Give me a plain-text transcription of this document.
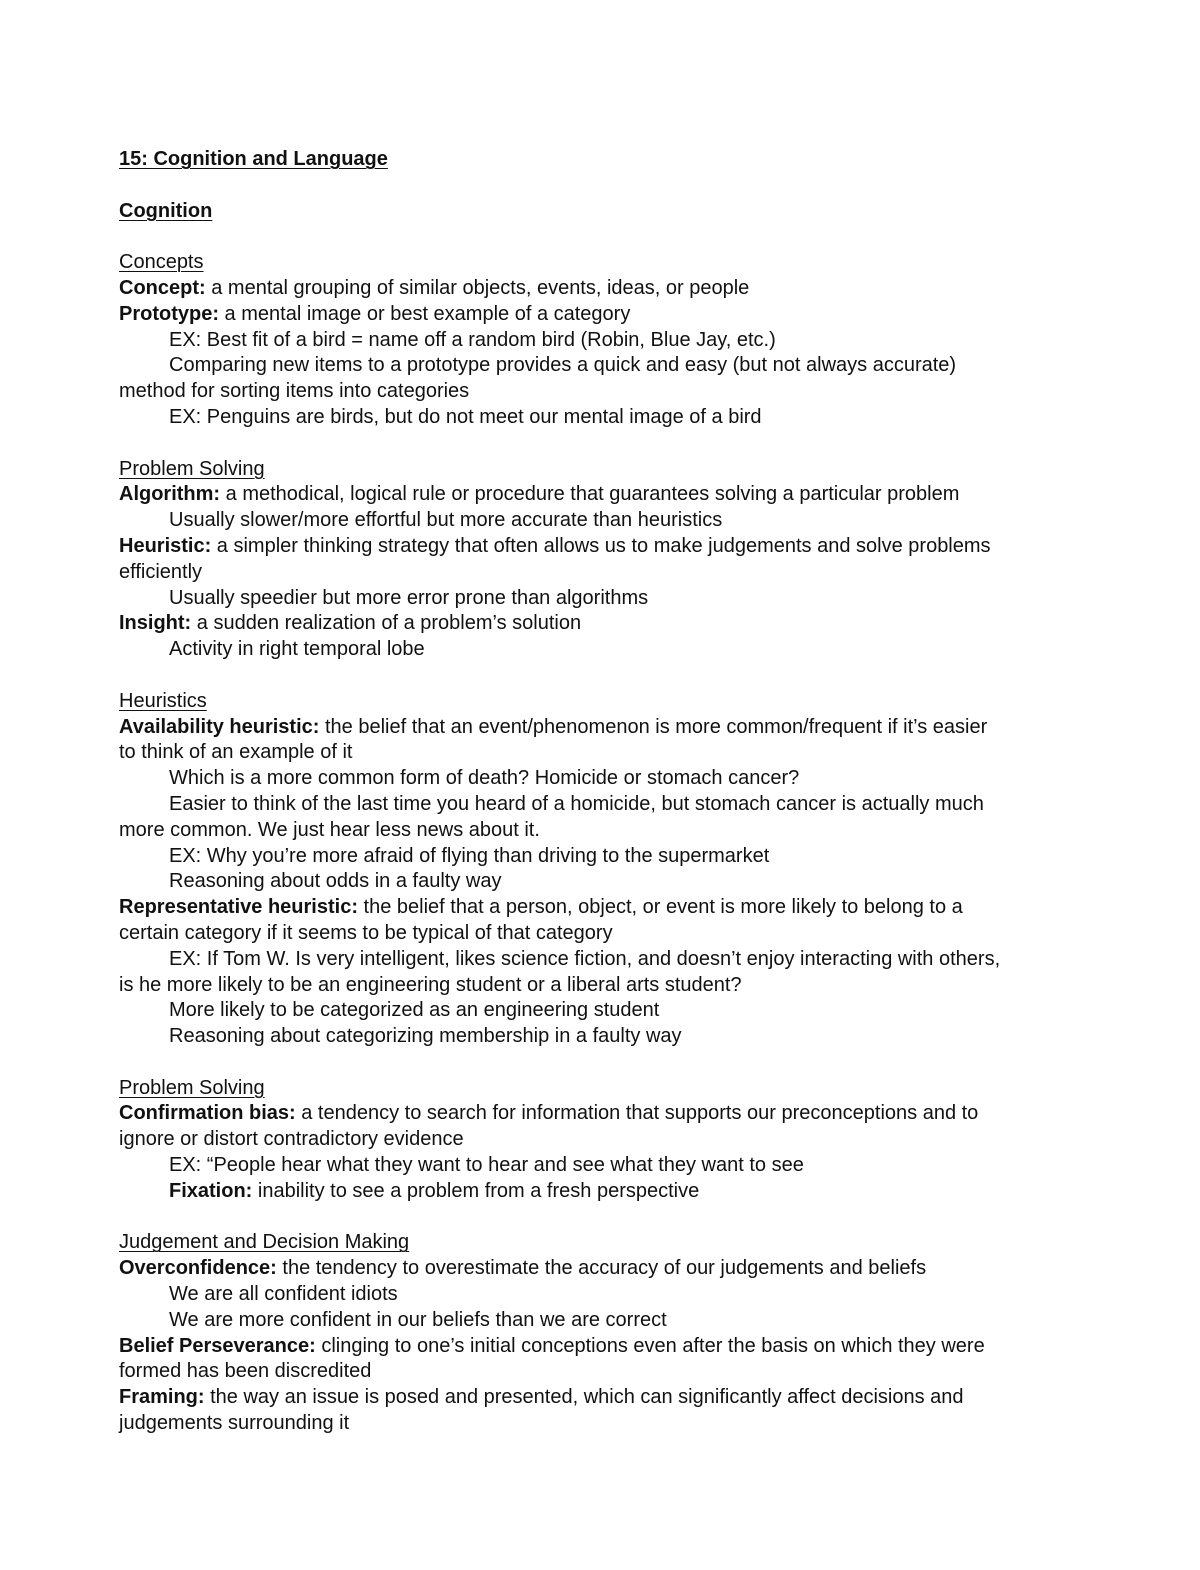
15: Cognition and Language
Cognition
Concepts
Concept: a mental grouping of similar objects, events, ideas, or people
Prototype: a mental image or best example of a category
EX: Best fit of a bird = name off a random bird (Robin, Blue Jay, etc.)
Comparing new items to a prototype provides a quick and easy (but not always accurate)
method for sorting items into categories
EX: Penguins are birds, but do not meet our mental image of a bird
Problem Solving
Algorithm: a methodical, logical rule or procedure that guarantees solving a particular problem
Usually slower/more effortful but more accurate than heuristics
Heuristic: a simpler thinking strategy that often allows us to make judgements and solve problems
efficiently
Usually speedier but more error prone than algorithms
Insight: a sudden realization of a problem’s solution
Activity in right temporal lobe
Heuristics
Availability heuristic: the belief that an event/phenomenon is more common/frequent if it’s easier
to think of an example of it
Which is a more common form of death? Homicide or stomach cancer?
Easier to think of the last time you heard of a homicide, but stomach cancer is actually much
more common. We just hear less news about it.
EX: Why you’re more afraid of flying than driving to the supermarket
Reasoning about odds in a faulty way
Representative heuristic: the belief that a person, object, or event is more likely to belong to a
certain category if it seems to be typical of that category
EX: If Tom W. Is very intelligent, likes science fiction, and doesn’t enjoy interacting with others,
is he more likely to be an engineering student or a liberal arts student?
More likely to be categorized as an engineering student
Reasoning about categorizing membership in a faulty way
Problem Solving
Confirmation bias: a tendency to search for information that supports our preconceptions and to
ignore or distort contradictory evidence
EX: “People hear what they want to hear and see what they want to see
Fixation: inability to see a problem from a fresh perspective
Judgement and Decision Making
Overconfidence: the tendency to overestimate the accuracy of our judgements and beliefs
We are all confident idiots
We are more confident in our beliefs than we are correct
Belief Perseverance: clinging to one’s initial conceptions even after the basis on which they were
formed has been discredited
Framing: the way an issue is posed and presented, which can significantly affect decisions and
judgements surrounding it
